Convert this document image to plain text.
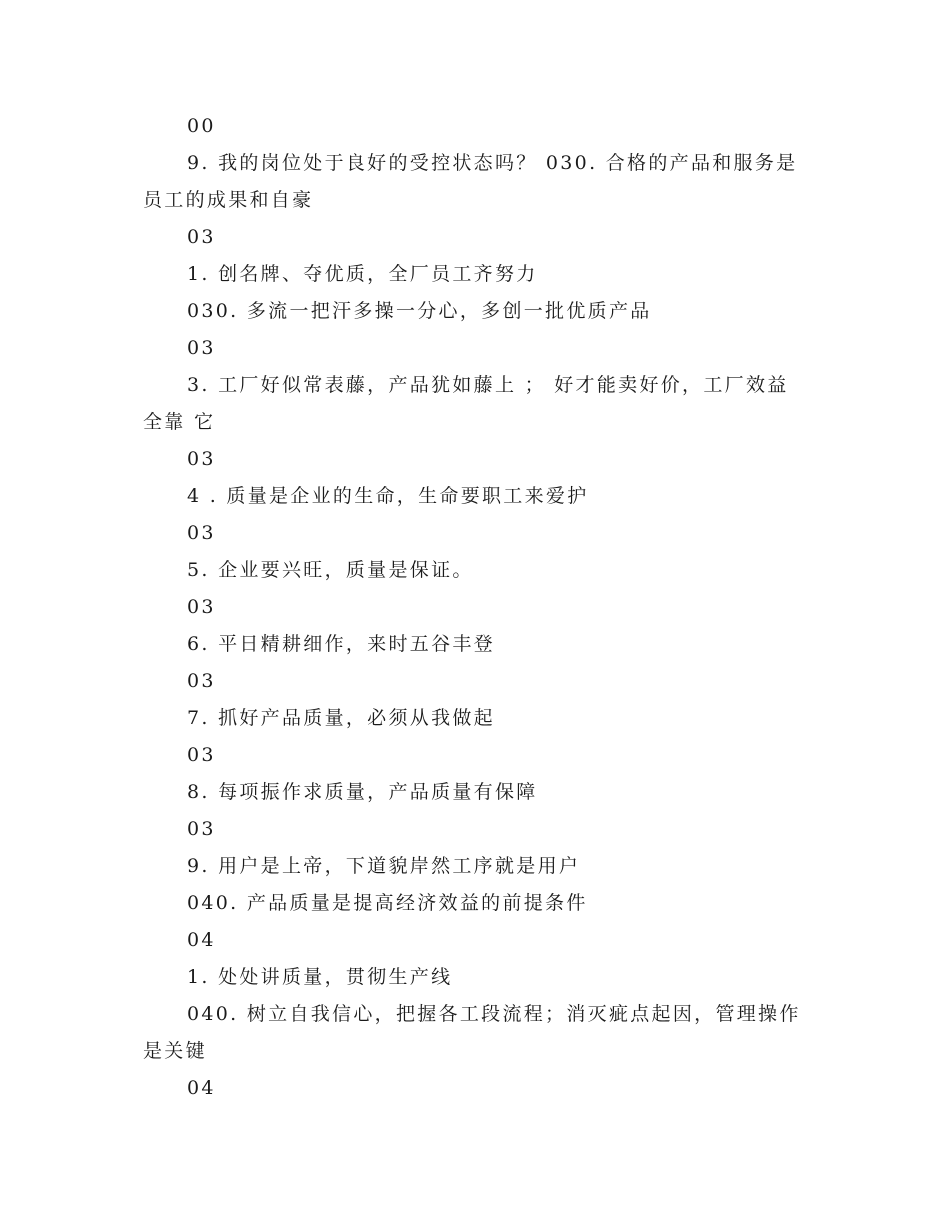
00

9. 我的岗位处于良好的受控状态吗？ 030. 合格的产品和服务是员工的成果和自豪

03

1. 创名牌、夺优质，全厂员工齐努力

030. 多流一把汗多操一分心，多创一批优质产品

03

3. 工厂好似常表藤，产品犹如藤上 ； 好才能卖好价，工厂效益全靠 它

03

4 . 质量是企业的生命，生命要职工来爱护

03

5. 企业要兴旺，质量是保证。

03

6. 平日精耕细作，来时五谷丰登

03

7. 抓好产品质量，必须从我做起

03

8. 每项振作求质量，产品质量有保障

03

9. 用户是上帝，下道貌岸然工序就是用户

040. 产品质量是提高经济效益的前提条件

04

1. 处处讲质量，贯彻生产线

040. 树立自我信心，把握各工段流程；消灭疵点起因，管理操作是关键

04
